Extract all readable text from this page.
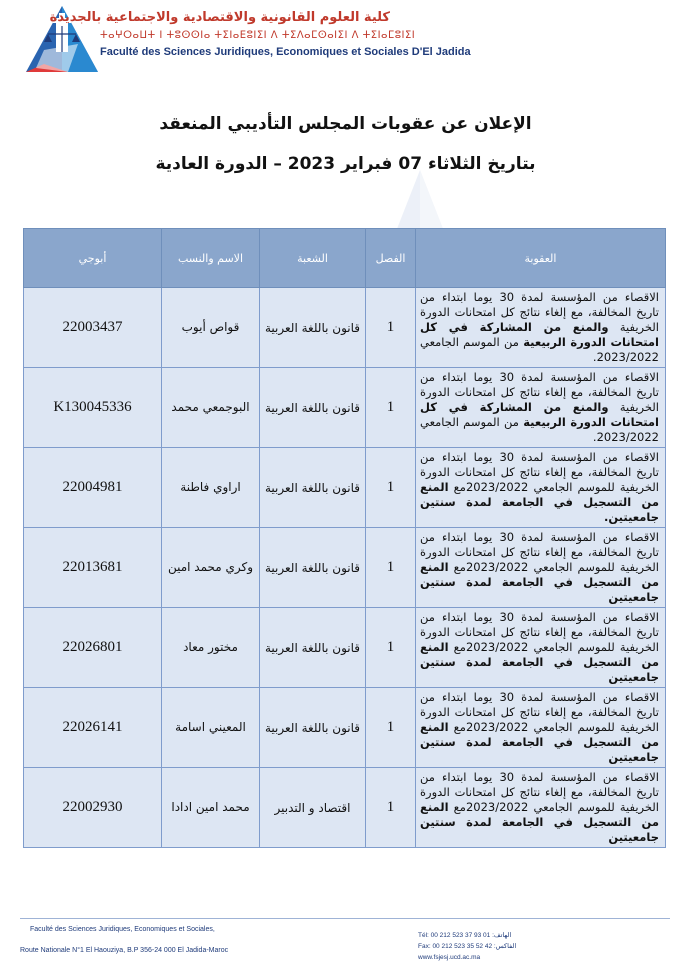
كلية العلوم القانونية والاقتصادية والاجتماعية بالجديدة
ⵜⴰⵖⵔⴰⵡⵜ ⵏ ⵜⵓⵙⵙⵏⴰ ⵜⵉⵏⴰⴹⵓⵏⵉⵏ ⴷ ⵜⵉⴷⴰⵎⵙⴰⵏⵉⵏ ⴷ ⵜⵉⵏⴰⵎⵓⵏⵉⵏ
Faculté des Sciences Juridiques, Economiques et Sociales D'El Jadida
الإعلان عن عقوبات المجلس التأديبي المنعقد
بتاريخ الثلاثاء 07 فبراير 2023 – الدورة العادية
العقوبة	الفصل	الشعبة	الاسم والنسب	أبوجي
الاقصاء من المؤسسة لمدة 30 يوما ابتداء من تاريخ المخالفة، مع إلغاء نتائج كل امتحانات الدورة الخريفية والمنع من المشاركة في كل امتحانات الدورة الربيعية من الموسم الجامعي 2023/2022.	1	قانون باللغة العربية	قواص أيوب	22003437
الاقصاء من المؤسسة لمدة 30 يوما ابتداء من تاريخ المخالفة، مع إلغاء نتائج كل امتحانات الدورة الخريفية والمنع من المشاركة في كل امتحانات الدورة الربيعية من الموسم الجامعي 2023/2022.	1	قانون باللغة العربية	البوجمعي محمد	K130045336
الاقصاء من المؤسسة لمدة 30 يوما ابتداء من تاريخ المخالفة، مع إلغاء نتائج كل امتحانات الدورة الخريفية للموسم الجامعي 2023/2022مع المنع من التسجيل في الجامعة لمدة سنتين جامعيتين.	1	قانون باللغة العربية	اراوي فاطنة	22004981
الاقصاء من المؤسسة لمدة 30 يوما ابتداء من تاريخ المخالفة، مع إلغاء نتائج كل امتحانات الدورة الخريفية للموسم الجامعي 2023/2022مع المنع من التسجيل في الجامعة لمدة سنتين جامعيتين	1	قانون باللغة العربية	وكري محمد امين	22013681
الاقصاء من المؤسسة لمدة 30 يوما ابتداء من تاريخ المخالفة، مع إلغاء نتائج كل امتحانات الدورة الخريفية للموسم الجامعي 2023/2022مع المنع من التسجيل في الجامعة لمدة سنتين جامعيتين	1	قانون باللغة العربية	مختور معاد	22026801
الاقصاء من المؤسسة لمدة 30 يوما ابتداء من تاريخ المخالفة، مع إلغاء نتائج كل امتحانات الدورة الخريفية للموسم الجامعي 2023/2022مع المنع من التسجيل في الجامعة لمدة سنتين جامعيتين	1	قانون باللغة العربية	المعيني اسامة	22026141
الاقصاء من المؤسسة لمدة 30 يوما ابتداء من تاريخ المخالفة، مع إلغاء نتائج كل امتحانات الدورة الخريفية للموسم الجامعي 2023/2022مع المنع من التسجيل في الجامعة لمدة سنتين جامعيتين	1	اقتصاد و التدبير	محمد امين ادادا	22002930
Faculté des Sciences Juridiques, Economiques et Sociales,
Route Nationale N°1 El Haouziya, B.P 356-24 000 El Jadida-Maroc
Tél: 00 212 523 37 93 01 :الهاتف
Fax: 00 212 523 35 52 42 :الفاكس
www.fsjesj.ucd.ac.ma
